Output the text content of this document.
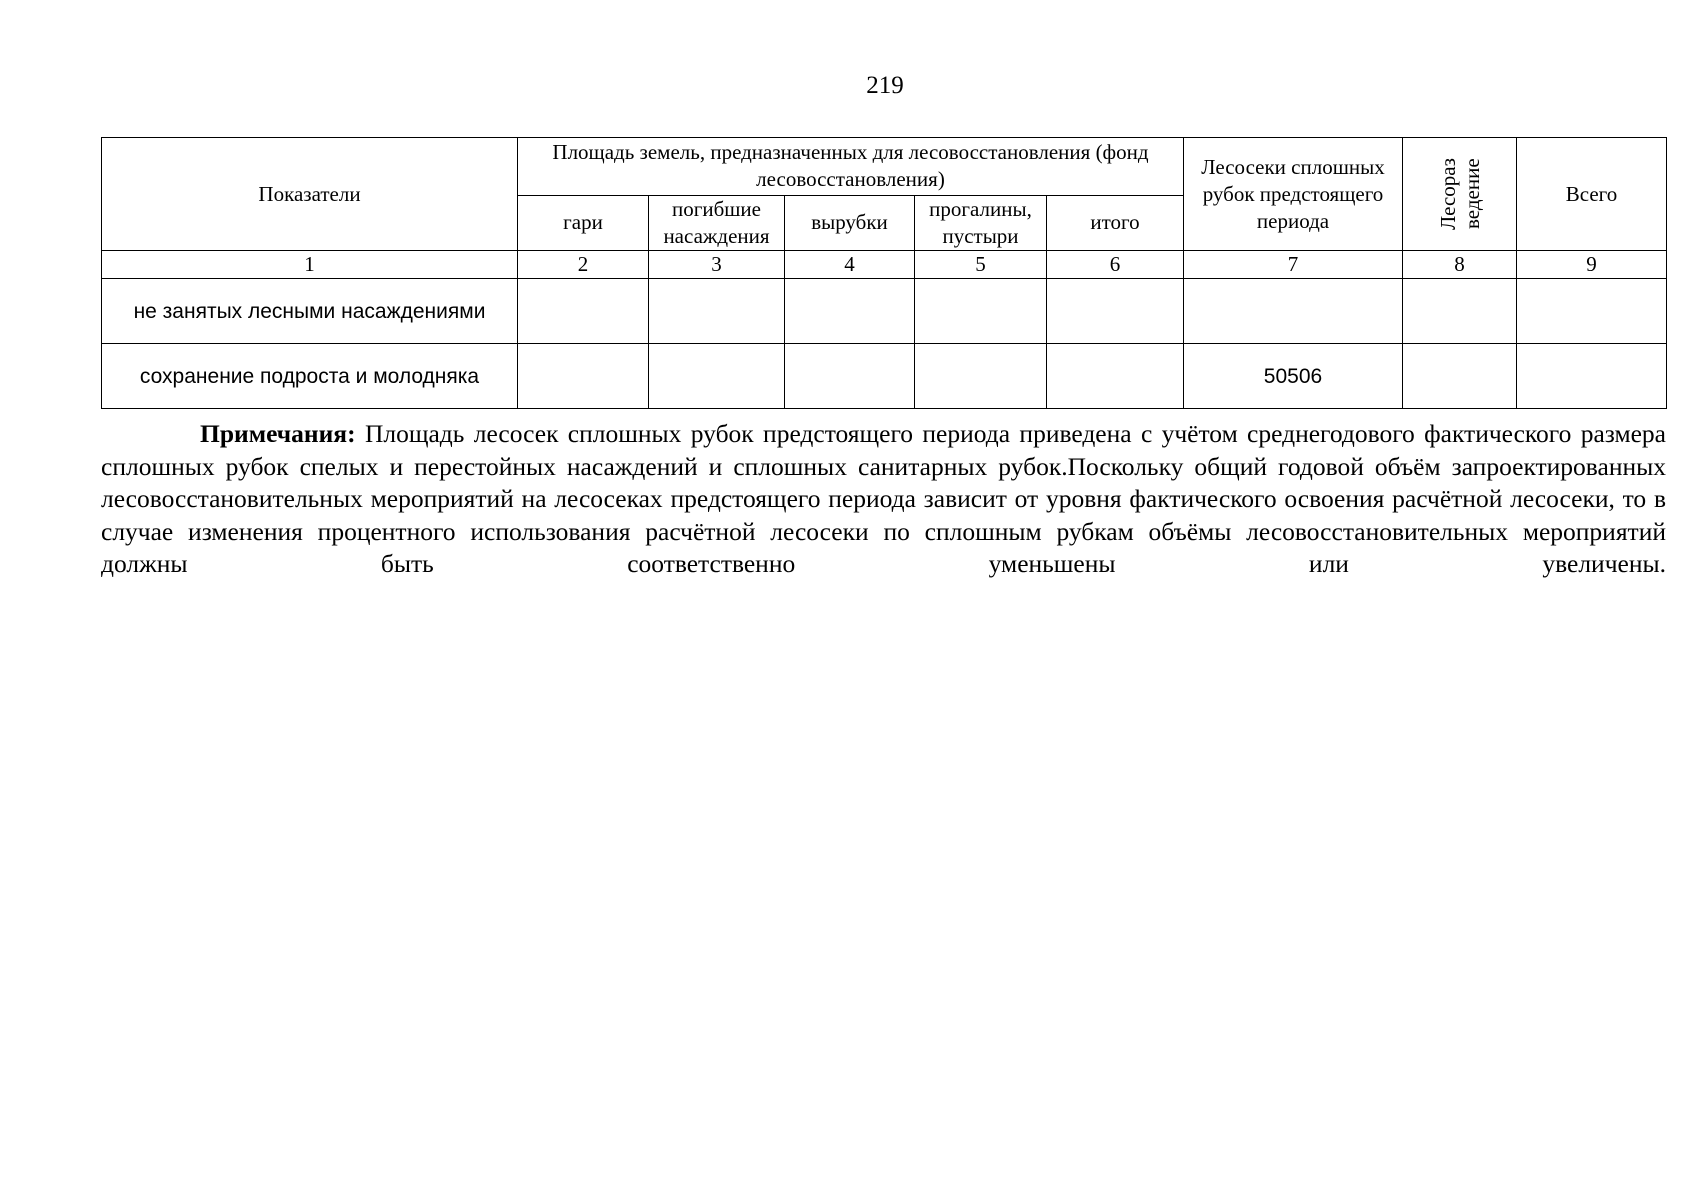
219
Показатели	Площадь земель, предназначенных для лесовосстановления (фонд лесовосстановления)					Лесосеки сплошных рубок предстоящего периода	Лесораз ведение	Всего
	гари	погибшие насаждения	вырубки	прогалины, пустыри	итого			
1	2	3	4	5	6	7	8	9
не занятых лесными насаждениями								
сохранение подроста и молодняка						50506		
Примечания: Площадь лесосек сплошных рубок предстоящего периода приведена с учётом среднегодового фактического размера сплошных рубок спелых и перестойных насаждений и сплошных санитарных рубок.Поскольку общий годовой объём запроектированных лесовосстановительных мероприятий на лесосеках предстоящего периода зависит от уровня фактического освоения расчётной лесосеки, то в случае изменения процентного использования расчётной лесосеки по сплошным рубкам объёмы лесовосстановительных мероприятий должны быть соответственно уменьшены или увеличены.
